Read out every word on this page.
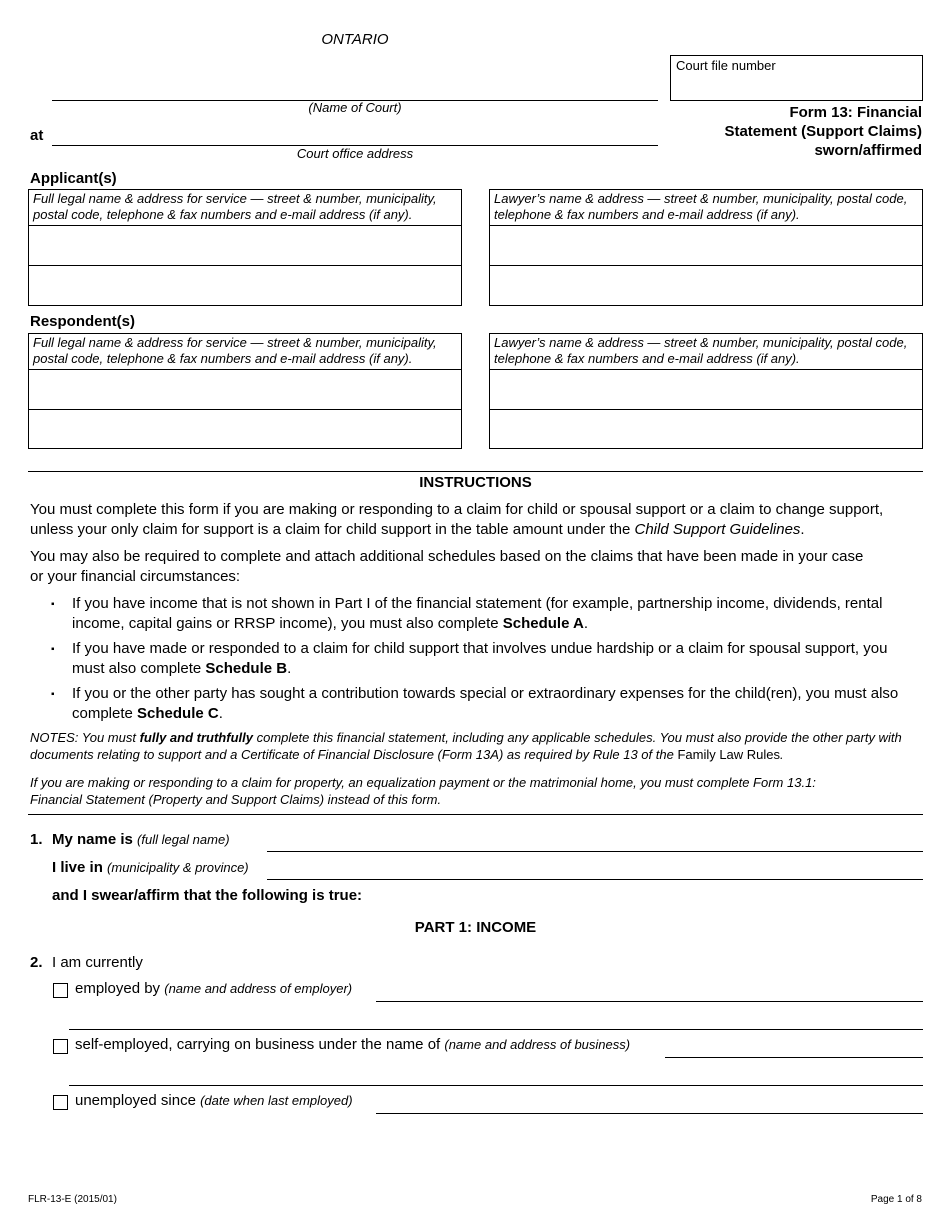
ONTARIO
(Name of Court)
at
Court office address
Court file number
Form 13: Financial
Statement (Support Claims)
sworn/affirmed
Applicant(s)
Full legal name & address for service — street & number, municipality, postal code, telephone & fax numbers and e-mail address (if any).
Lawyer’s name & address — street & number, municipality, postal code, telephone & fax numbers and e-mail address (if any).
Respondent(s)
Full legal name & address for service — street & number, municipality, postal code, telephone & fax numbers and e-mail address (if any).
Lawyer’s name & address — street & number, municipality, postal code, telephone & fax numbers and e-mail address (if any).
INSTRUCTIONS
You must complete this form if you are making or responding to a claim for child or spousal support or a claim to change support, unless your only claim for support is a claim for child support in the table amount under the Child Support Guidelines.
You may also be required to complete and attach additional schedules based on the claims that have been made in your case or your financial circumstances:
▪ If you have income that is not shown in Part I of the financial statement (for example, partnership income, dividends, rental income, capital gains or RRSP income), you must also complete Schedule A.
▪ If you have made or responded to a claim for child support that involves undue hardship or a claim for spousal support, you must also complete Schedule B.
▪ If you or the other party has sought a contribution towards special or extraordinary expenses for the child(ren), you must also complete Schedule C.
NOTES: You must fully and truthfully complete this financial statement, including any applicable schedules. You must also provide the other party with documents relating to support and a Certificate of Financial Disclosure (Form 13A) as required by Rule 13 of the Family Law Rules.
If you are making or responding to a claim for property, an equalization payment or the matrimonial home, you must complete Form 13.1: Financial Statement (Property and Support Claims) instead of this form.
1. My name is (full legal name)
I live in (municipality & province)
and I swear/affirm that the following is true:
PART 1: INCOME
2. I am currently
employed by (name and address of employer)
self-employed, carrying on business under the name of (name and address of business)
unemployed since (date when last employed)
FLR-13-E (2015/01)	Page 1 of 8
